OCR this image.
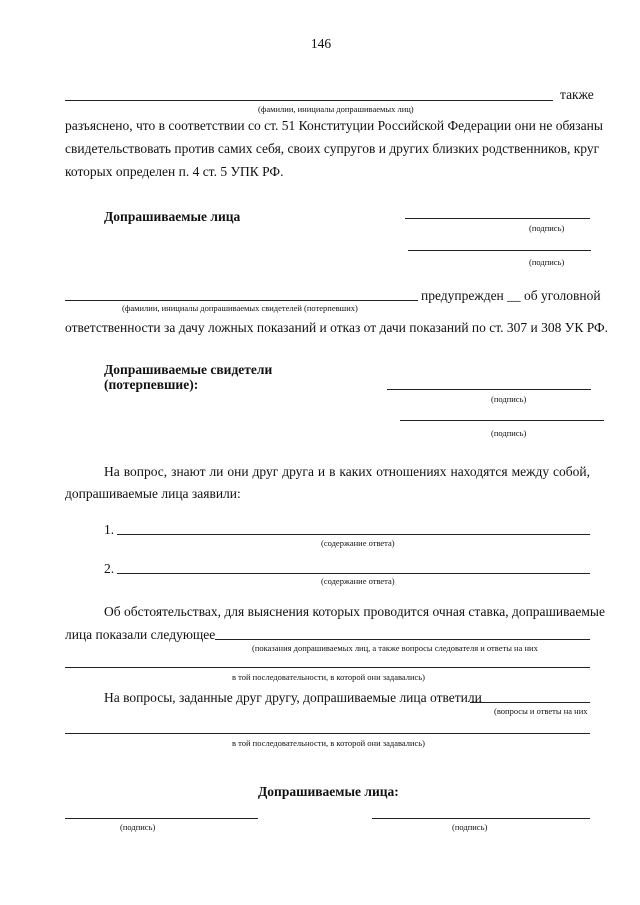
146
также
(фамилии, инициалы допрашиваемых лиц)
разъяснено, что в соответствии со ст. 51 Конституции Российской Федерации они не обязаны
свидетельствовать против самих себя, своих супругов и других близких родственников, круг
которых определен п. 4 ст. 5 УПК РФ.
Допрашиваемые лица
(подпись)
(подпись)
предупрежден __ об уголовной
(фамилии, инициалы допрашиваемых свидетелей (потерпевших)
ответственности за дачу ложных показаний и отказ от дачи показаний по ст. 307 и 308 УК РФ.
Допрашиваемые свидетели
(потерпевшие):
(подпись)
(подпись)
На вопрос, знают ли они друг друга и в каких отношениях находятся между собой,
допрашиваемые лица заявили:
1.
(содержание ответа)
2.
(содержание ответа)
Об обстоятельствах, для выяснения которых проводится очная ставка, допрашиваемые
лица показали следующее
(показания допрашиваемых лиц, а также вопросы следователя и ответы на них
в той последовательности, в которой они задавались)
На вопросы, заданные друг другу, допрашиваемые лица ответили
(вопросы и ответы на них
в той последовательности, в которой они задавались)
Допрашиваемые лица:
(подпись)	(подпись)
